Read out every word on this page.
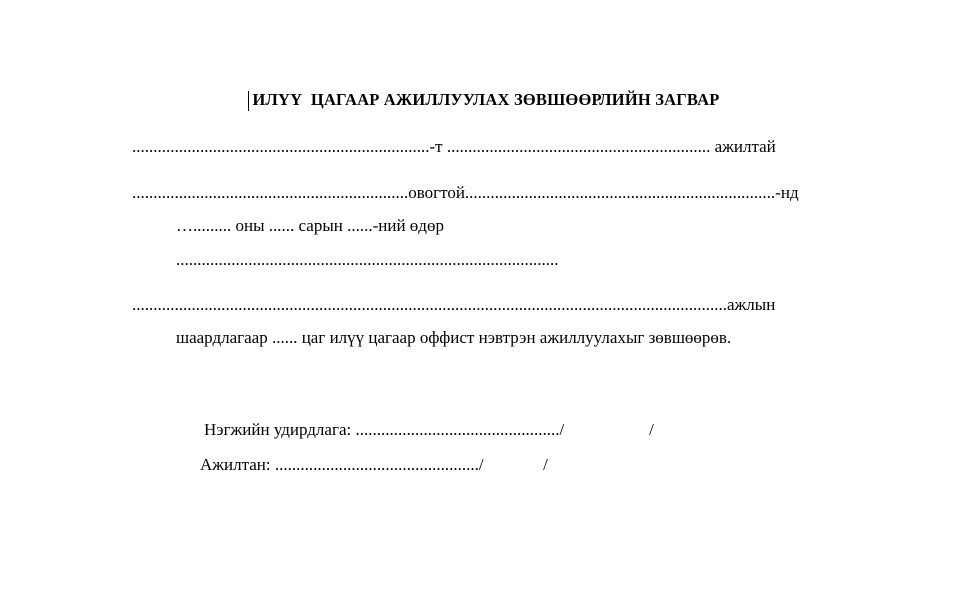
ИЛҮҮ  ЦАГААР АЖИЛЛУУЛАХ ЗӨВШӨӨРЛИЙН ЗАГВАР
......................................................................-т .............................................................. ажилтай
.................................................................овогтой.........................................................................-нд
…......... оны ...... сарын ......-ний өдөр
..........................................................................................
............................................................................................................................................ажлын
шаардлагаар ...... цаг илүү цагаар оффист нэвтрэн ажиллуулахыг зөвшөөрөв.
Нэгжийн удирдлага: ................................................/                    /
Ажилтан: ................................................/              /
